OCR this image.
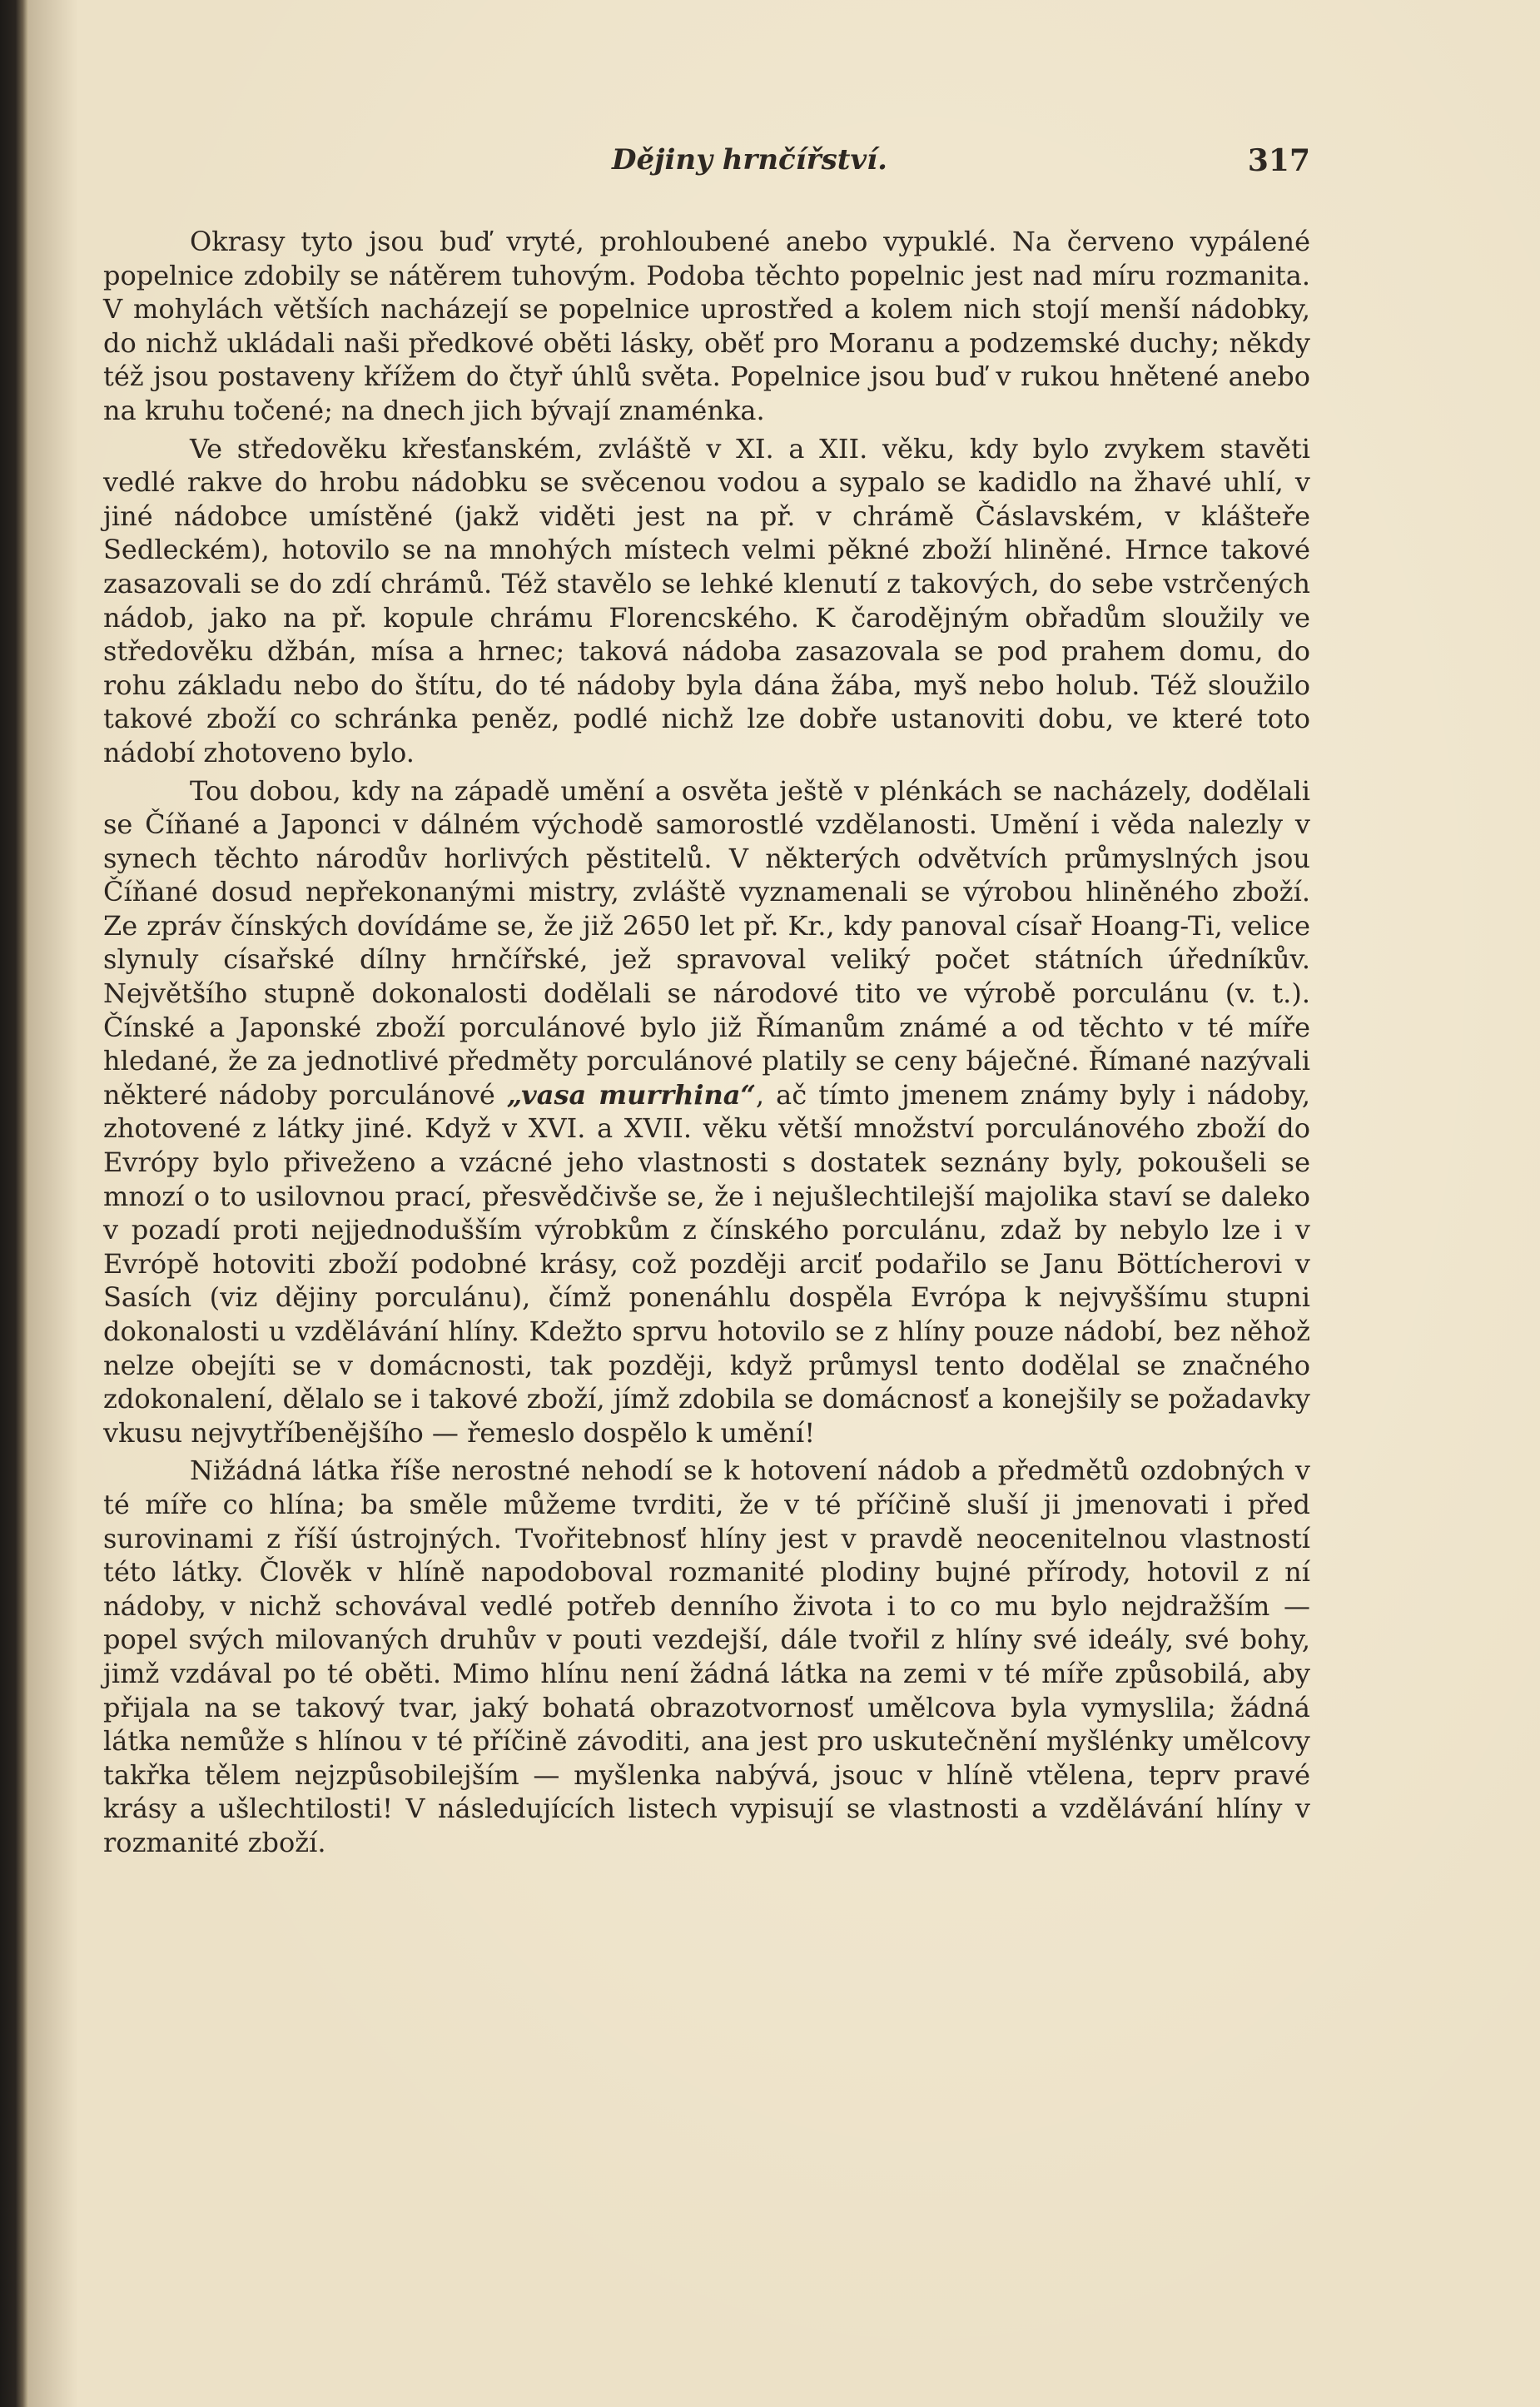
Dějiny hrnčířství.	317

Okrasy tyto jsou buď vryté, prohloubené anebo vypuklé. Na červeno vypálené popelnice zdobily se nátěrem tuhovým. Podoba těchto popelnic jest nad míru rozmanita. V mohylách větších nacházejí se popelnice uprostřed a kolem nich stojí menší nádobky, do nichž ukládali naši předkové oběti lásky, oběť pro Moranu a podzemské duchy; někdy též jsou postaveny křížem do čtyř úhlů světa. Popelnice jsou buď v rukou hnětené anebo na kruhu točené; na dnech jich bývají znaménka.

Ve středověku křesťanském, zvláště v XI. a XII. věku, kdy bylo zvykem stavěti vedlé rakve do hrobu nádobku se svěcenou vodou a sypalo se kadidlo na žhavé uhlí, v jiné nádobce umístěné (jakž viděti jest na př. v chrámě Čáslavském, v klášteře Sedleckém), hotovilo se na mnohých místech velmi pěkné zboží hliněné. Hrnce takové zasazovali se do zdí chrámů. Též stavělo se lehké klenutí z takových, do sebe vstrčených nádob, jako na př. kopule chrámu Florencského. K čarodějným obřadům sloužily ve středověku džbán, mísa a hrnec; taková nádoba zasazovala se pod prahem domu, do rohu základu nebo do štítu, do té nádoby byla dána žába, myš nebo holub. Též sloužilo takové zboží co schránka peněz, podlé nichž lze dobře ustanoviti dobu, ve které toto nádobí zhotoveno bylo.

Tou dobou, kdy na západě umění a osvěta ještě v plénkách se nacházely, dodělali se Číňané a Japonci v dálném východě samorostlé vzdělanosti. Umění i věda nalezly v synech těchto národův horlivých pěstitelů. V některých odvětvích průmyslných jsou Číňané dosud nepřekonanými mistry, zvláště vyznamenali se výrobou hliněného zboží. Ze zpráv čínských dovídáme se, že již 2650 let př. Kr., kdy panoval císař Hoang-Ti, velice slynuly císařské dílny hrnčířské, jež spravoval veliký počet státních úředníkův. Největšího stupně dokonalosti dodělali se národové tito ve výrobě porculánu (v. t.). Čínské a Japonské zboží porculánové bylo již Římanům známé a od těchto v té míře hledané, že za jednotlivé předměty porculánové platily se ceny báječné. Římané nazývali některé nádoby porculánové „vasa murrhina“, ač tímto jmenem známy byly i nádoby, zhotovené z látky jiné. Když v XVI. a XVII. věku větší množství porculánového zboží do Evrópy bylo přiveženo a vzácné jeho vlastnosti s dostatek seznány byly, pokoušeli se mnozí o to usilovnou prací, přesvědčivše se, že i nejušlechtilejší majolika staví se daleko v pozadí proti nejjednodušším výrobkům z čínského porculánu, zdaž by nebylo lze i v Evrópě hotoviti zboží podobné krásy, což později arciť podařilo se Janu Böttícherovi v Sasích (viz dějiny porculánu), čímž ponenáhlu dospěla Evrópa k nejvyššímu stupni dokonalosti u vzdělávání hlíny. Kdežto sprvu hotovilo se z hlíny pouze nádobí, bez něhož nelze obejíti se v domácnosti, tak později, když průmysl tento dodělal se značného zdokonalení, dělalo se i takové zboží, jímž zdobila se domácnosť a konejšily se požadavky vkusu nejvytříbenějšího — řemeslo dospělo k umění!

Nižádná látka říše nerostné nehodí se k hotovení nádob a předmětů ozdobných v té míře co hlína; ba směle můžeme tvrditi, že v té příčině sluší ji jmenovati i před surovinami z říší ústrojných. Tvořitebnosť hlíny jest v pravdě neocenitelnou vlastností této látky. Člověk v hlíně napodoboval rozmanité plodiny bujné přírody, hotovil z ní nádoby, v nichž schovával vedlé potřeb denního života i to co mu bylo nejdražším — popel svých milovaných druhův v pouti vezdejší, dále tvořil z hlíny své ideály, své bohy, jimž vzdával po té oběti. Mimo hlínu není žádná látka na zemi v té míře způsobilá, aby přijala na se takový tvar, jaký bohatá obrazotvornosť umělcova byla vymyslila; žádná látka nemůže s hlínou v té příčině závoditi, ana jest pro uskutečnění myšlénky umělcovy takřka tělem nejzpůsobilejším — myšlenka nabývá, jsouc v hlíně vtělena, teprv pravé krásy a ušlechtilosti! V následujících listech vypisují se vlastnosti a vzdělávání hlíny v rozmanité zboží.
